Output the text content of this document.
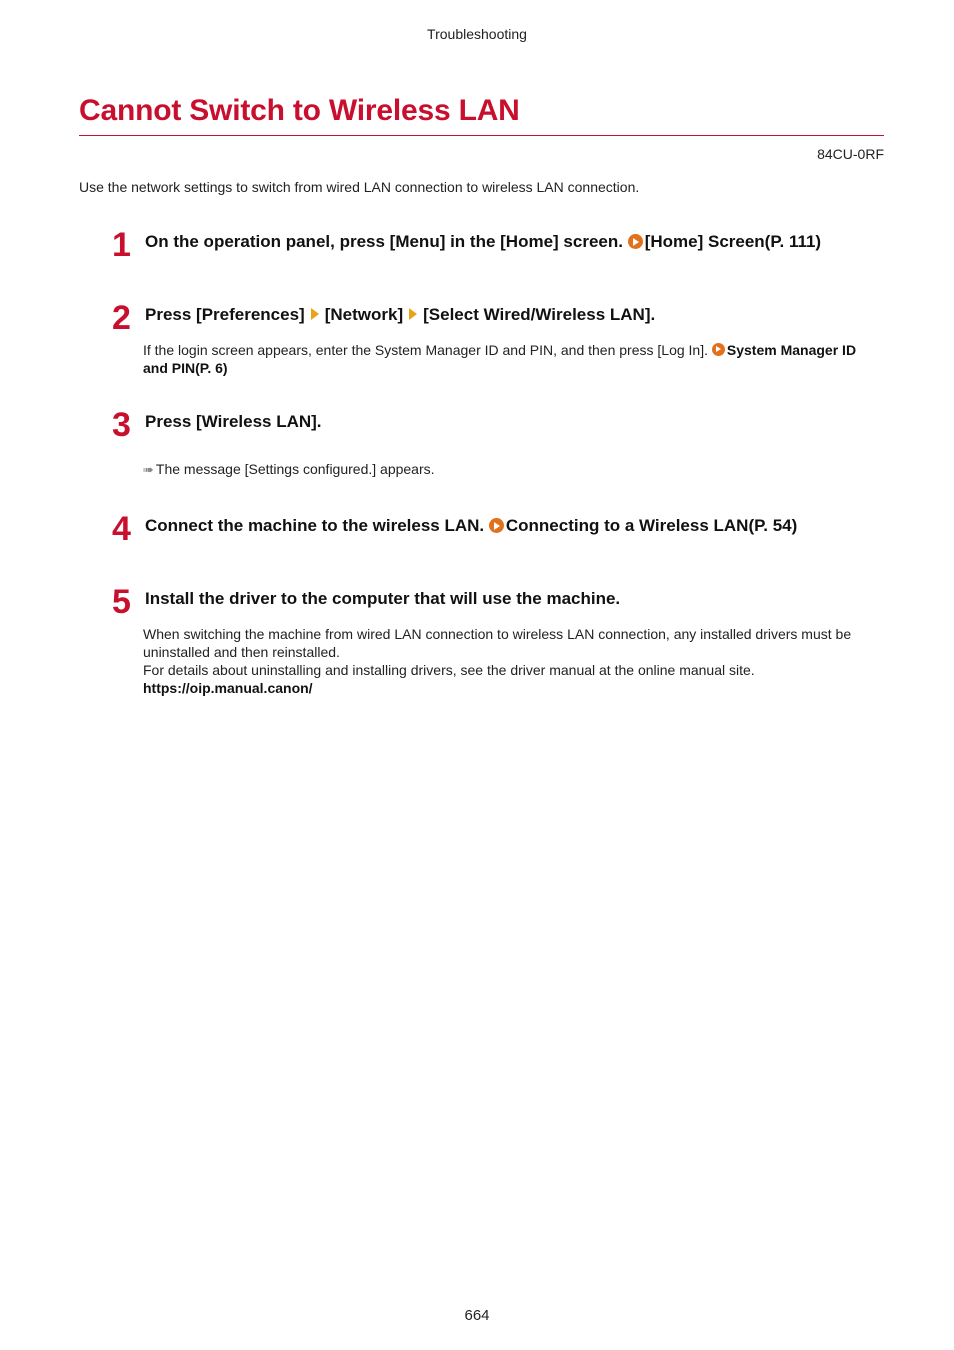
Troubleshooting
Cannot Switch to Wireless LAN
84CU-0RF
Use the network settings to switch from wired LAN connection to wireless LAN connection.
1 On the operation panel, press [Menu] in the [Home] screen. [Home] Screen(P. 111)
2 Press [Preferences] [Network] [Select Wired/Wireless LAN].
If the login screen appears, enter the System Manager ID and PIN, and then press [Log In]. System Manager ID and PIN(P. 6)
3 Press [Wireless LAN].
➠ The message [Settings configured.] appears.
4 Connect the machine to the wireless LAN. Connecting to a Wireless LAN(P. 54)
5 Install the driver to the computer that will use the machine.
When switching the machine from wired LAN connection to wireless LAN connection, any installed drivers must be uninstalled and then reinstalled.
For details about uninstalling and installing drivers, see the driver manual at the online manual site.
https://oip.manual.canon/
664
